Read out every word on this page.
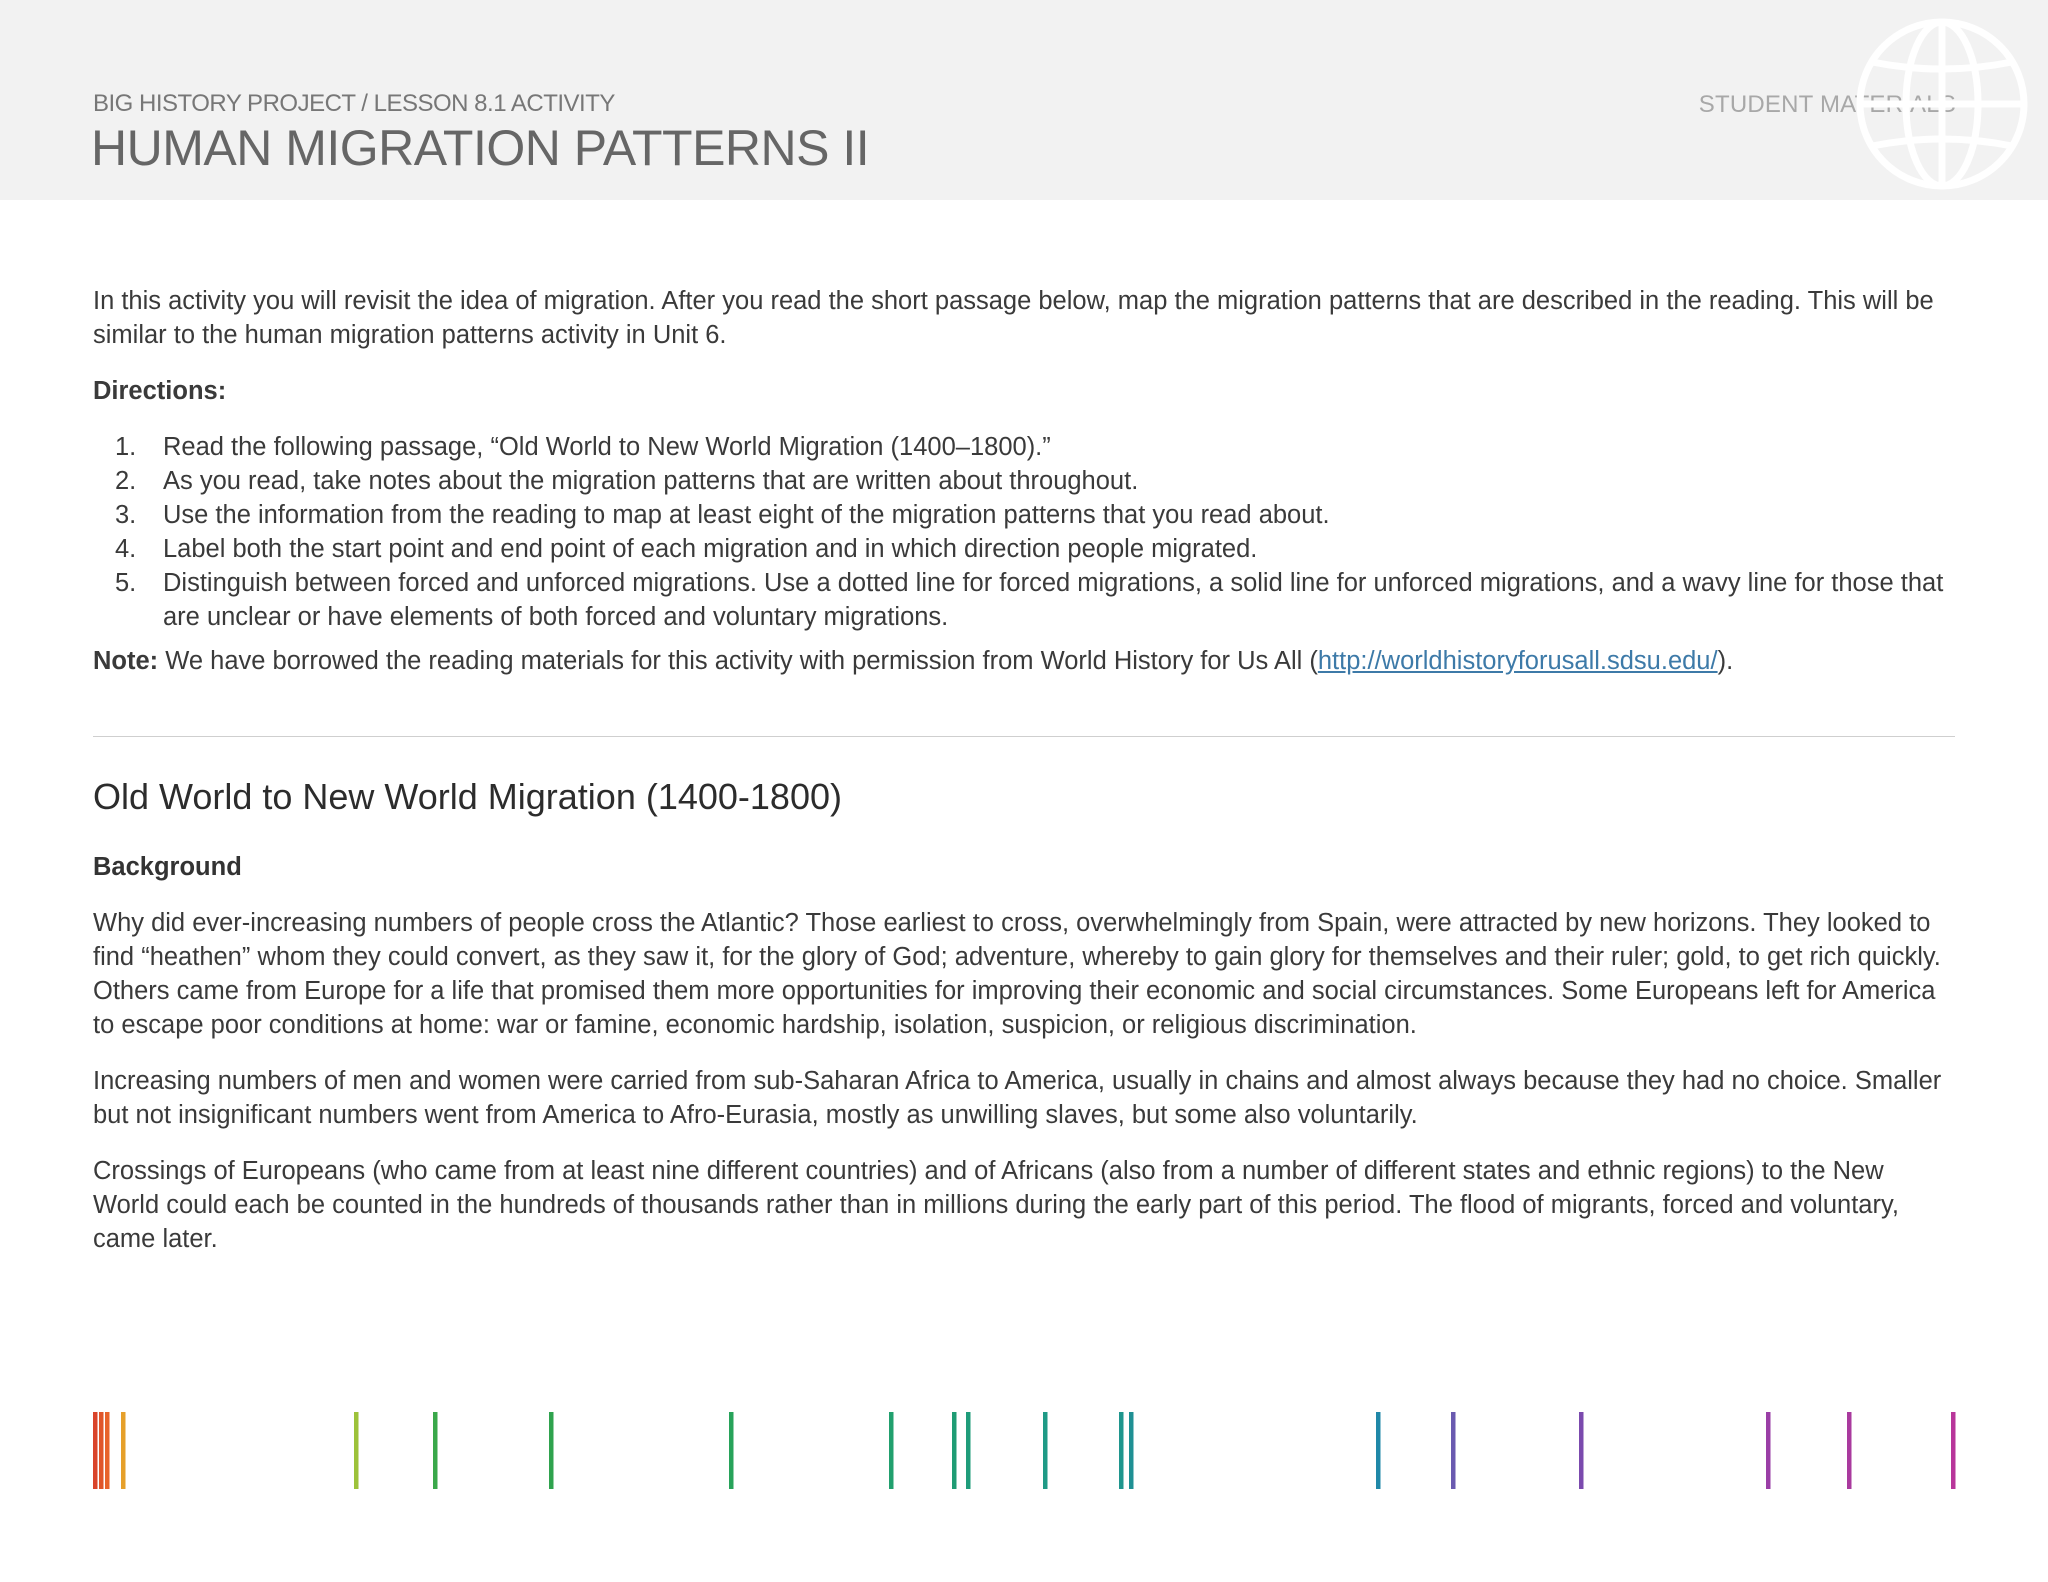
BIG HISTORY PROJECT / LESSON 8.1 ACTIVITY

HUMAN MIGRATION PATTERNS II
STUDENT MATERIALS

In this activity you will revisit the idea of migration. After you read the short passage below, map the migration patterns that are described in the reading. This will be similar to the human migration patterns activity in Unit 6.

Directions:

1. Read the following passage, “Old World to New World Migration (1400–1800).”
2. As you read, take notes about the migration patterns that are written about throughout.
3. Use the information from the reading to map at least eight of the migration patterns that you read about.
4. Label both the start point and end point of each migration and in which direction people migrated.
5. Distinguish between forced and unforced migrations. Use a dotted line for forced migrations, a solid line for unforced migrations, and a wavy line for those that are unclear or have elements of both forced and voluntary migrations.

Note: We have borrowed the reading materials for this activity with permission from World History for Us All (http://worldhistoryforusall.sdsu.edu/).

Old World to New World Migration (1400-1800)
Background

Why did ever-increasing numbers of people cross the Atlantic? Those earliest to cross, overwhelmingly from Spain, were attracted by new horizons. They looked to find “heathen” whom they could convert, as they saw it, for the glory of God; adventure, whereby to gain glory for themselves and their ruler; gold, to get rich quickly. Others came from Europe for a life that promised them more opportunities for improving their economic and social circumstances. Some Europeans left for America to escape poor conditions at home: war or famine, economic hardship, isolation, suspicion, or religious discrimination.

Increasing numbers of men and women were carried from sub-Saharan Africa to America, usually in chains and almost always because they had no choice. Smaller but not insignificant numbers went from America to Afro-Eurasia, mostly as unwilling slaves, but some also voluntarily.

Crossings of Europeans (who came from at least nine different countries) and of Africans (also from a number of different states and ethnic regions) to the New World could each be counted in the hundreds of thousands rather than in millions during the early part of this period. The flood of migrants, forced and voluntary, came later.
